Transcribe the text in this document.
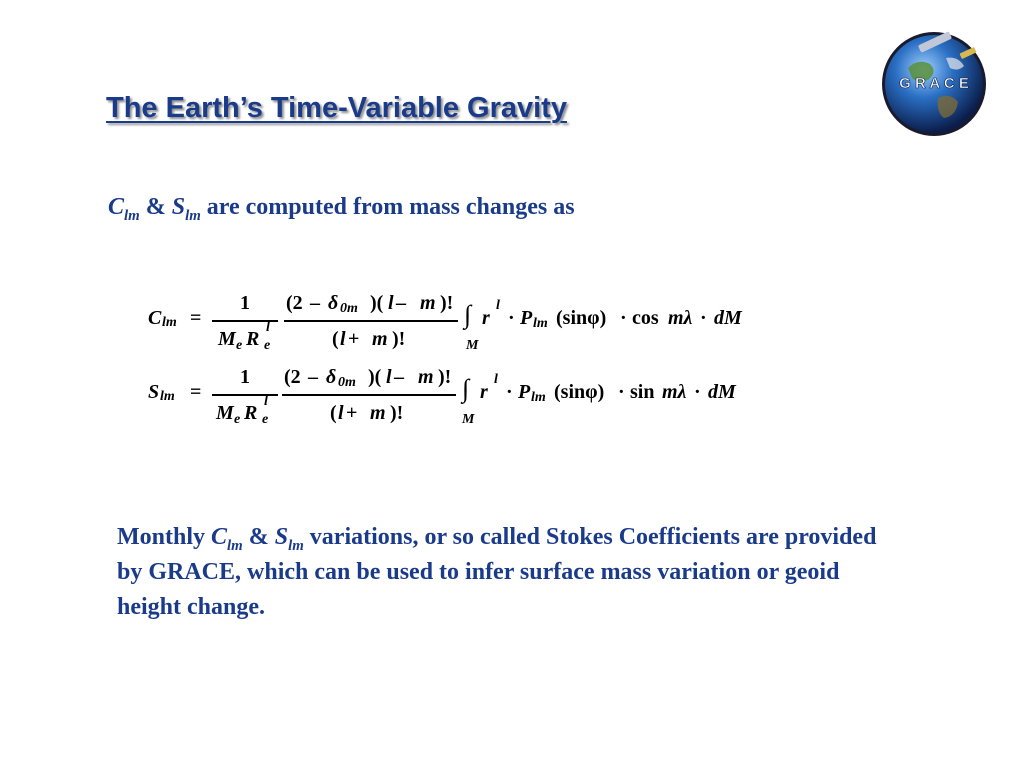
The Earth’s Time-Variable Gravity
G R A C E
$C_{lm}$ & $S_{lm}$ are computed from mass changes as
C lm =
1
M e R e
l
(2 – δ 0m )( l – m )!
( l + m )!
∫
M
r
l
· P lm (sinφ) · cos mλ · dM
S lm =
1
M e R e
l
(2 – δ 0m )( l – m )!
( l + m )!
∫
M
r
l
· P lm (sinφ) · sin mλ · dM
Monthly $C_{lm}$ & $S_{lm}$ variations, or so called Stokes Coefficients are provided by GRACE, which can be used to infer surface mass variation or geoid height change.
